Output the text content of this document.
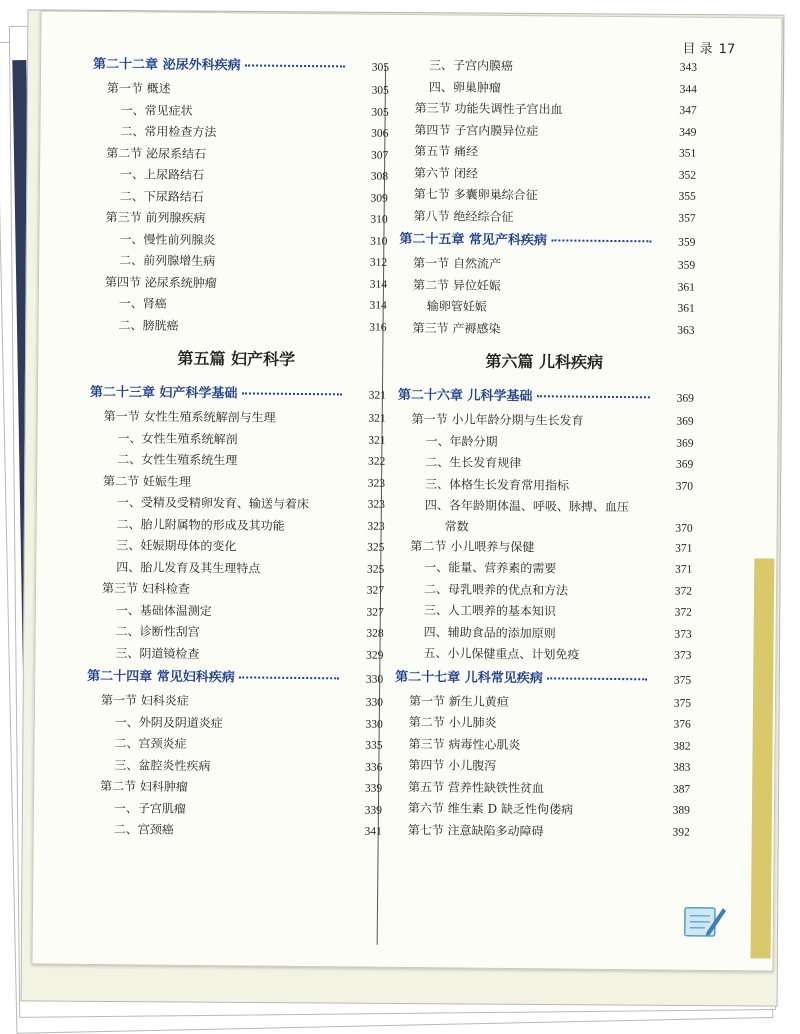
目 录 17
第二十二章 泌尿外科疾病	305
第一节 概述	305
一、常见症状	305
二、常用检查方法	306
第二节 泌尿系结石	307
一、上尿路结石	308
二、下尿路结石	309
第三节 前列腺疾病	310
一、慢性前列腺炎	310
二、前列腺增生病	312
第四节 泌尿系统肿瘤	314
一、肾癌	314
二、膀胱癌	316
第五篇 妇产科学
第二十三章 妇产科学基础	321
第一节 女性生殖系统解剖与生理	321
一、女性生殖系统解剖	321
二、女性生殖系统生理	322
第二节 妊娠生理	323
一、受精及受精卵发育、输送与着床	323
二、胎儿附属物的形成及其功能	323
三、妊娠期母体的变化	325
四、胎儿发育及其生理特点	325
第三节 妇科检查	327
一、基础体温测定	327
二、诊断性刮宫	328
三、阴道镜检查	329
第二十四章 常见妇科疾病	330
第一节 妇科炎症	330
一、外阴及阴道炎症	330
二、宫颈炎症	335
三、盆腔炎性疾病	336
第二节 妇科肿瘤	339
一、子宫肌瘤	339
二、宫颈癌	341
三、子宫内膜癌	343
四、卵巢肿瘤	344
第三节 功能失调性子宫出血	347
第四节 子宫内膜异位症	349
第五节 痛经	351
第六节 闭经	352
第七节 多囊卵巢综合征	355
第八节 绝经综合征	357
第二十五章 常见产科疾病	359
第一节 自然流产	359
第二节 异位妊娠	361
输卵管妊娠	361
第三节 产褥感染	363
第六篇 儿科疾病
第二十六章 儿科学基础	369
第一节 小儿年龄分期与生长发育	369
一、年龄分期	369
二、生长发育规律	369
三、体格生长发育常用指标	370
四、各年龄期体温、呼吸、脉搏、血压
常数	370
第二节 小儿喂养与保健	371
一、能量、营养素的需要	371
二、母乳喂养的优点和方法	372
三、人工喂养的基本知识	372
四、辅助食品的添加原则	373
五、小儿保健重点、计划免疫	373
第二十七章 儿科常见疾病	375
第一节 新生儿黄疸	375
第二节 小儿肺炎	376
第三节 病毒性心肌炎	382
第四节 小儿腹泻	383
第五节 营养性缺铁性贫血	387
第六节 维生素 D 缺乏性佝偻病	389
第七节 注意缺陷多动障碍	392
